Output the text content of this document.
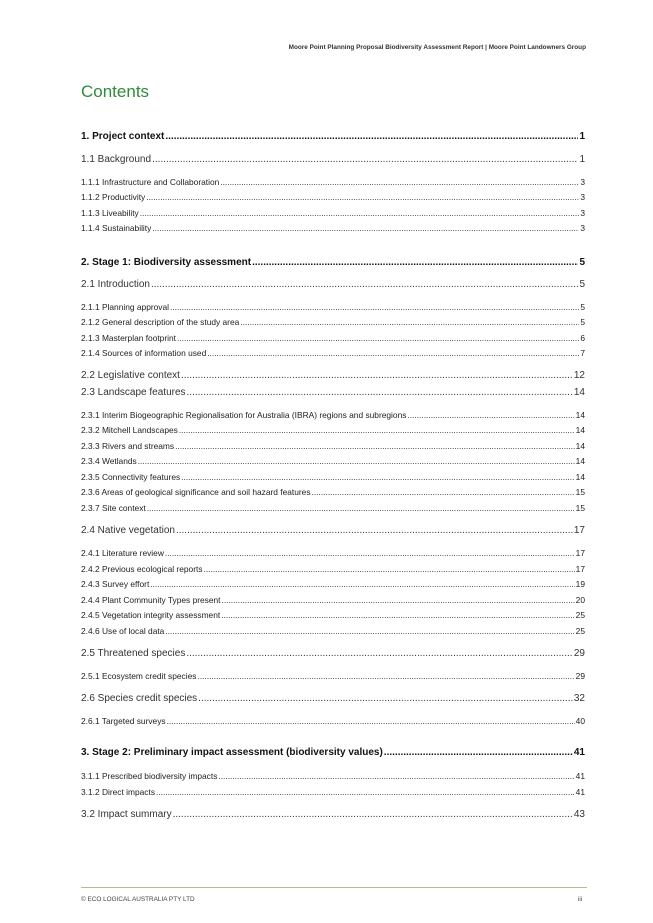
Moore Point Planning Proposal Biodiversity Assessment Report | Moore Point Landowners Group
Contents
1. Project context .....	1
1.1 Background .....	1
1.1.1 Infrastructure and Collaboration .....	3
1.1.2 Productivity .....	3
1.1.3 Liveability .....	3
1.1.4 Sustainability .....	3
2. Stage 1: Biodiversity assessment .....	5
2.1 Introduction .....	5
2.1.1 Planning approval .....	5
2.1.2 General description of the study area .....	5
2.1.3 Masterplan footprint .....	6
2.1.4 Sources of information used .....	7
2.2 Legislative context .....	12
2.3 Landscape features .....	14
2.3.1 Interim Biogeographic Regionalisation for Australia (IBRA) regions and subregions .....	14
2.3.2 Mitchell Landscapes .....	14
2.3.3 Rivers and streams .....	14
2.3.4 Wetlands .....	14
2.3.5 Connectivity features .....	14
2.3.6 Areas of geological significance and soil hazard features .....	15
2.3.7 Site context .....	15
2.4 Native vegetation .....	17
2.4.1 Literature review .....	17
2.4.2 Previous ecological reports .....	17
2.4.3 Survey effort .....	19
2.4.4 Plant Community Types present .....	20
2.4.5 Vegetation integrity assessment .....	25
2.4.6 Use of local data .....	25
2.5 Threatened species .....	29
2.5.1 Ecosystem credit species .....	29
2.6 Species credit species .....	32
2.6.1 Targeted surveys .....	40
3. Stage 2: Preliminary impact assessment (biodiversity values) .....	41
3.1.1 Prescribed biodiversity impacts .....	41
3.1.2 Direct impacts .....	41
3.2 Impact summary .....	43
© ECO LOGICAL AUSTRALIA PTY LTD	iii
